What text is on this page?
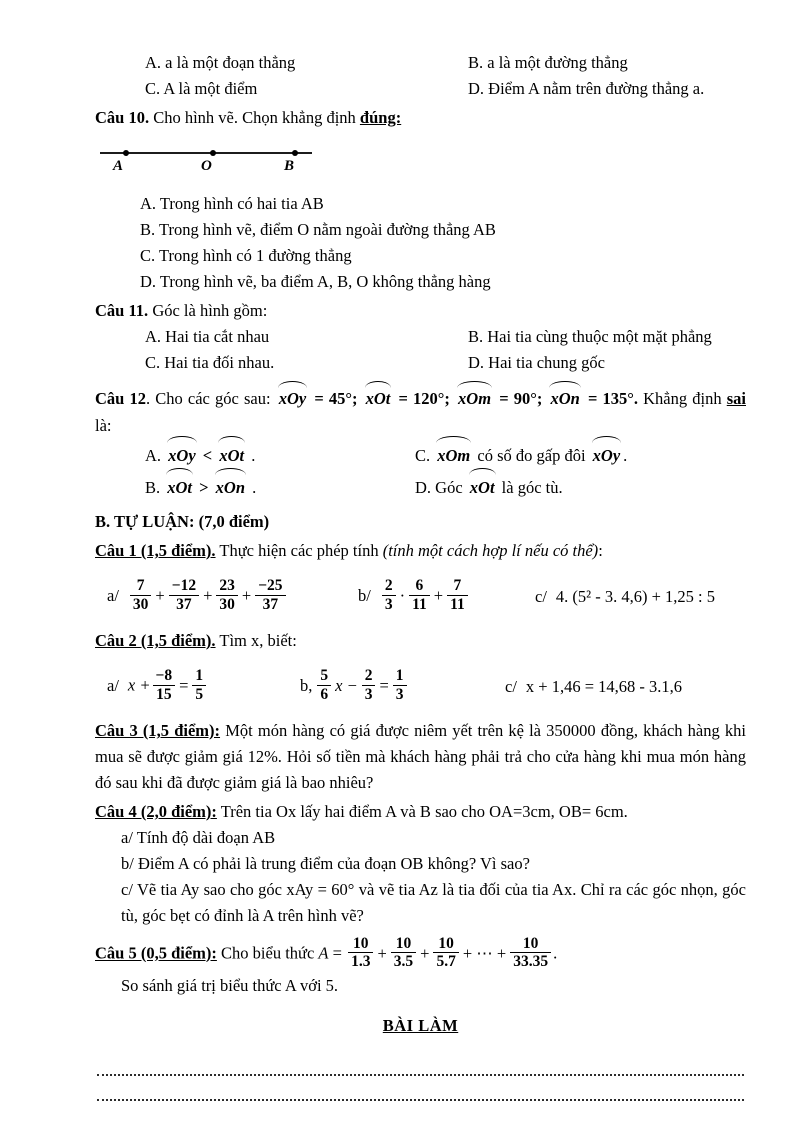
A. a là một đoạn thẳng	B. a là một đường thẳng
C. A là một điểm	D. Điểm A nằm trên đường thẳng a.

Câu 10. Cho hình vẽ. Chọn khẳng định đúng:

A	O	B
A. Trong hình có hai tia AB
B. Trong hình vẽ, điểm O nằm ngoài đường thẳng AB
C. Trong hình có 1 đường thẳng
D. Trong hình vẽ, ba điểm A, B, O không thẳng hàng

Câu 11. Góc là hình gồm:

A. Hai tia cắt nhau	B. Hai tia cùng thuộc một mặt phẳng
C. Hai tia đối nhau.	D. Hai tia chung gốc

Câu 12. Cho các góc sau: xOy = 45°; xOt = 120°; xOm = 90°; xOn = 135°. Khẳng định sai là:

A. xOy < xOt .	C. xOm có số đo gấp đôi xOy .
B. xOt > xOn .	D. Góc xOt là góc tù.

B. TỰ LUẬN: (7,0 điểm)

Câu 1 (1,5 điểm). Thực hiện các phép tính (tính một cách hợp lí nếu có thể):

$a/ \frac{7}{30} + \frac{-12}{37} + \frac{23}{30} + \frac{-25}{37}$	$b/ \frac{2}{3} \cdot \frac{6}{11} + \frac{7}{11}$	c/ 4. (5² - 3. 4,6) + 1,25 : 5

Câu 2 (1,5 điểm). Tìm x, biết:

a/ $x + \frac{-8}{15} = \frac{1}{5}$	b, $\frac{5}{6}$ $x - \frac{2}{3} = \frac{1}{3}$	c/ x + 1,46 = 14,68 - 3.1,6

Câu 3 (1,5 điểm): Một món hàng có giá được niêm yết trên kệ là 350000 đồng, khách hàng khi mua sẽ được giảm giá 12%. Hỏi số tiền mà khách hàng phải trả cho cửa hàng khi mua món hàng đó sau khi đã được giảm giá là bao nhiêu?

Câu 4 (2,0 điểm): Trên tia Ox lấy hai điểm A và B sao cho OA=3cm, OB= 6cm.

a/ Tính độ dài đoạn AB
b/ Điểm A có phải là trung điểm của đoạn OB không? Vì sao?
c/ Vẽ tia Ay sao cho góc xAy = 60° và vẽ tia Az là tia đối của tia Ax. Chỉ ra các góc nhọn, góc tù, góc bẹt có đỉnh là A trên hình vẽ?

Câu 5 (0,5 điểm): Cho biểu thức $A = \frac{10}{1.3} + \frac{10}{3.5} + \frac{10}{5.7}$ + ⋯ + $\frac{10}{33.35}$ .

So sánh giá trị biểu thức A với 5.
BÀI LÀM
